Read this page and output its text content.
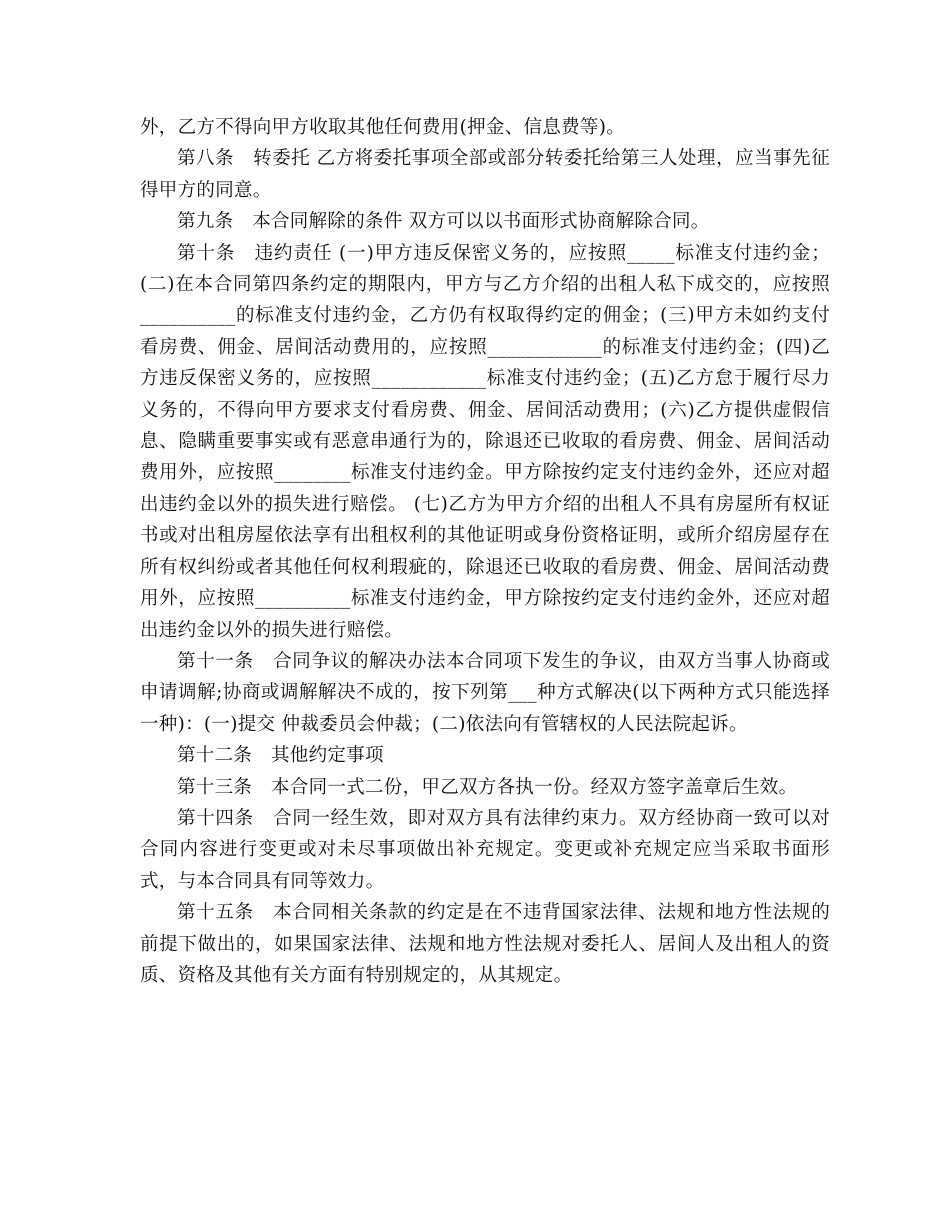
外，乙方不得向甲方收取其他任何费用(押金、信息费等)。

第八条　转委托 乙方将委托事项全部或部分转委托给第三人处理，应当事先征得甲方的同意。

第九条　本合同解除的条件 双方可以以书面形式协商解除合同。

第十条　违约责任 (一)甲方违反保密义务的，应按照_____标准支付违约金；(二)在本合同第四条约定的期限内，甲方与乙方介绍的出租人私下成交的，应按照__________的标准支付违约金，乙方仍有权取得约定的佣金；(三)甲方未如约支付看房费、佣金、居间活动费用的，应按照____________的标准支付违约金；(四)乙方违反保密义务的，应按照____________标准支付违约金；(五)乙方怠于履行尽力义务的，不得向甲方要求支付看房费、佣金、居间活动费用；(六)乙方提供虚假信息、隐瞒重要事实或有恶意串通行为的，除退还已收取的看房费、佣金、居间活动费用外，应按照________标准支付违约金。甲方除按约定支付违约金外，还应对超出违约金以外的损失进行赔偿。 (七)乙方为甲方介绍的出租人不具有房屋所有权证书或对出租房屋依法享有出租权利的其他证明或身份资格证明，或所介绍房屋存在所有权纠纷或者其他任何权利瑕疵的，除退还已收取的看房费、佣金、居间活动费用外，应按照__________标准支付违约金，甲方除按约定支付违约金外，还应对超出违约金以外的损失进行赔偿。

第十一条　合同争议的解决办法本合同项下发生的争议，由双方当事人协商或申请调解;协商或调解解决不成的，按下列第___种方式解决(以下两种方式只能选择一种)：(一)提交 仲裁委员会仲裁；(二)依法向有管辖权的人民法院起诉。

第十二条　其他约定事项

第十三条　本合同一式二份，甲乙双方各执一份。经双方签字盖章后生效。

第十四条　合同一经生效，即对双方具有法律约束力。双方经协商一致可以对合同内容进行变更或对未尽事项做出补充规定。变更或补充规定应当采取书面形式，与本合同具有同等效力。

第十五条　本合同相关条款的约定是在不违背国家法律、法规和地方性法规的前提下做出的，如果国家法律、法规和地方性法规对委托人、居间人及出租人的资质、资格及其他有关方面有特别规定的，从其规定。
